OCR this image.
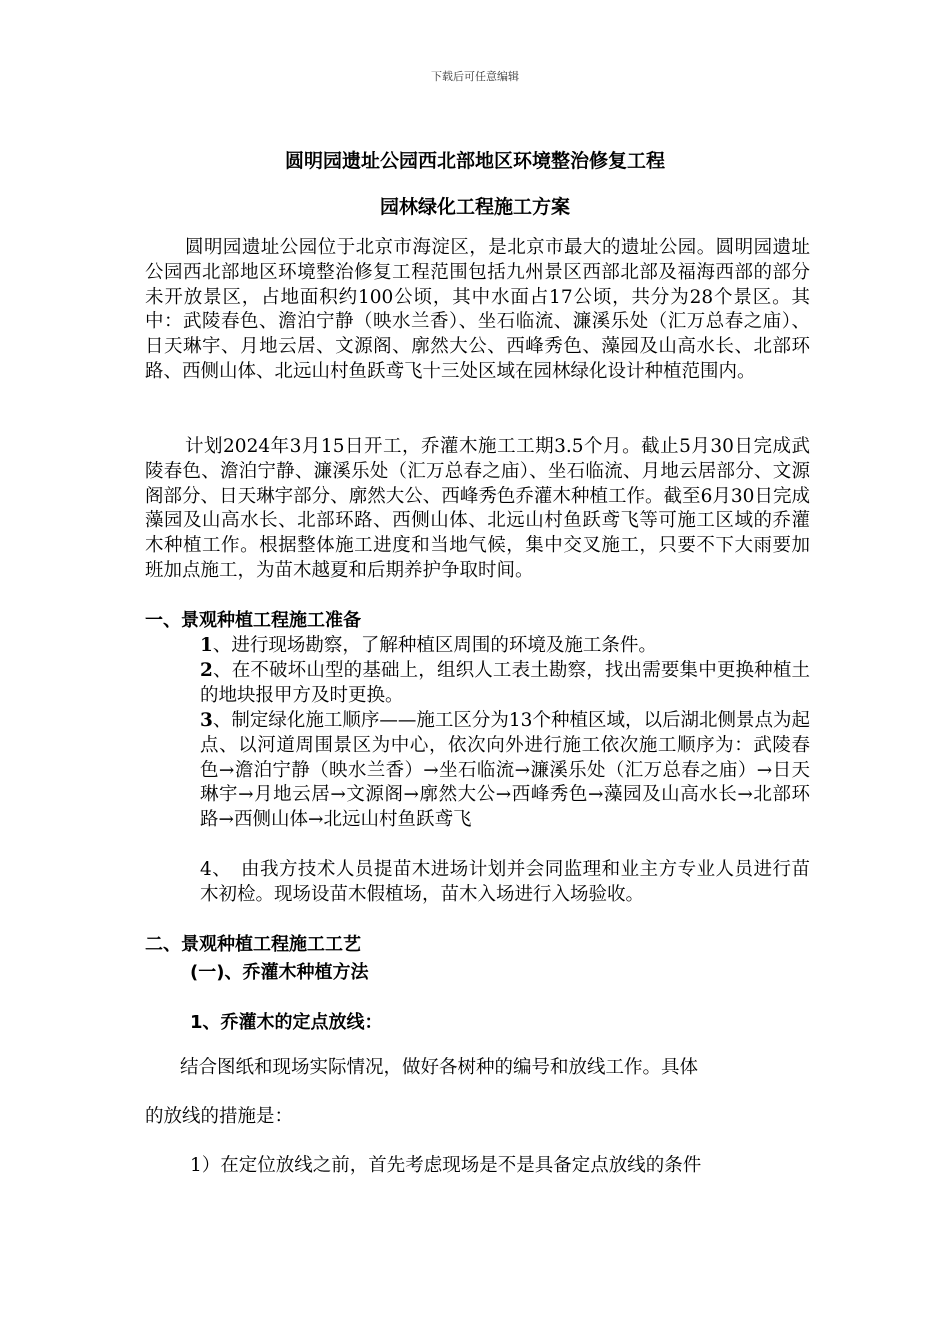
下载后可任意编辑
圆明园遗址公园西北部地区环境整治修复工程
园林绿化工程施工方案
圆明园遗址公园位于北京市海淀区，是北京市最大的遗址公园。圆明园遗址公园西北部地区环境整治修复工程范围包括九州景区西部北部及福海西部的部分未开放景区，占地面积约100公顷，其中水面占17公顷，共分为28个景区。其中：武陵春色、澹泊宁静（映水兰香）、坐石临流、濂溪乐处（汇万总春之庙）、日天琳宇、月地云居、文源阁、廓然大公、西峰秀色、藻园及山高水长、北部环路、西侧山体、北远山村鱼跃鸢飞十三处区域在园林绿化设计种植范围内。
计划2024年3月15日开工，乔灌木施工工期3.5个月。截止5月30日完成武陵春色、澹泊宁静、濂溪乐处（汇万总春之庙）、坐石临流、月地云居部分、文源阁部分、日天琳宇部分、廓然大公、西峰秀色乔灌木种植工作。截至6月30日完成藻园及山高水长、北部环路、西侧山体、北远山村鱼跃鸢飞等可施工区域的乔灌木种植工作。根据整体施工进度和当地气候，集中交叉施工，只要不下大雨要加班加点施工，为苗木越夏和后期养护争取时间。
一、景观种植工程施工准备
1、进行现场勘察，了解种植区周围的环境及施工条件。
2、在不破坏山型的基础上，组织人工表土勘察，找出需要集中更换种植土的地块报甲方及时更换。
3、制定绿化施工顺序——施工区分为13个种植区域，以后湖北侧景点为起点、以河道周围景区为中心，依次向外进行施工依次施工顺序为：武陵春色→澹泊宁静（映水兰香）→坐石临流→濂溪乐处（汇万总春之庙）→日天琳宇→月地云居→文源阁→廓然大公→西峰秀色→藻园及山高水长→北部环路→西侧山体→北远山村鱼跃鸢飞
4、　由我方技术人员提苗木进场计划并会同监理和业主方专业人员进行苗木初检。现场设苗木假植场，苗木入场进行入场验收。
二、景观种植工程施工工艺
(一)、乔灌木种植方法
1、乔灌木的定点放线：
结合图纸和现场实际情况，做好各树种的编号和放线工作。具体
的放线的措施是：
1）在定位放线之前，首先考虑现场是不是具备定点放线的条件
